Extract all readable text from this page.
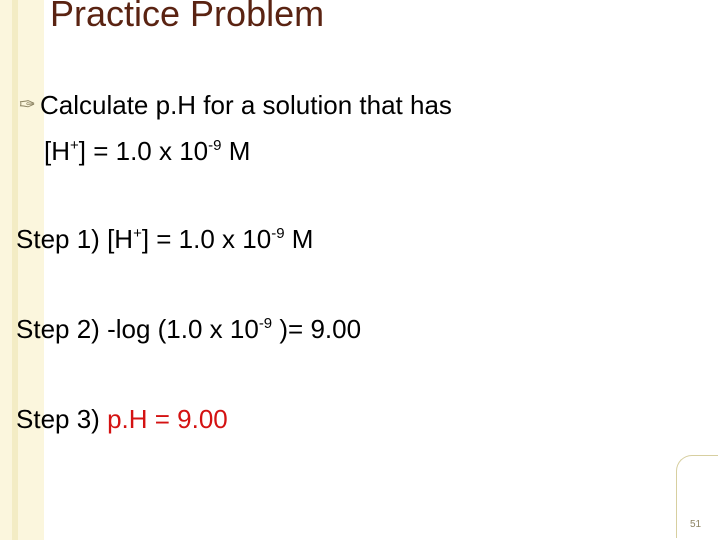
Practice Problem
✑ Calculate p.H for a solution that has
[H+] = 1.0 x $10^{-9}$ M
Step 1) [H+] = 1.0 x $10^{-9}$ M
Step 2) -log (1.0 x $10^{-9}$ )= 9.00
Step 3) p.H = 9.00
51
